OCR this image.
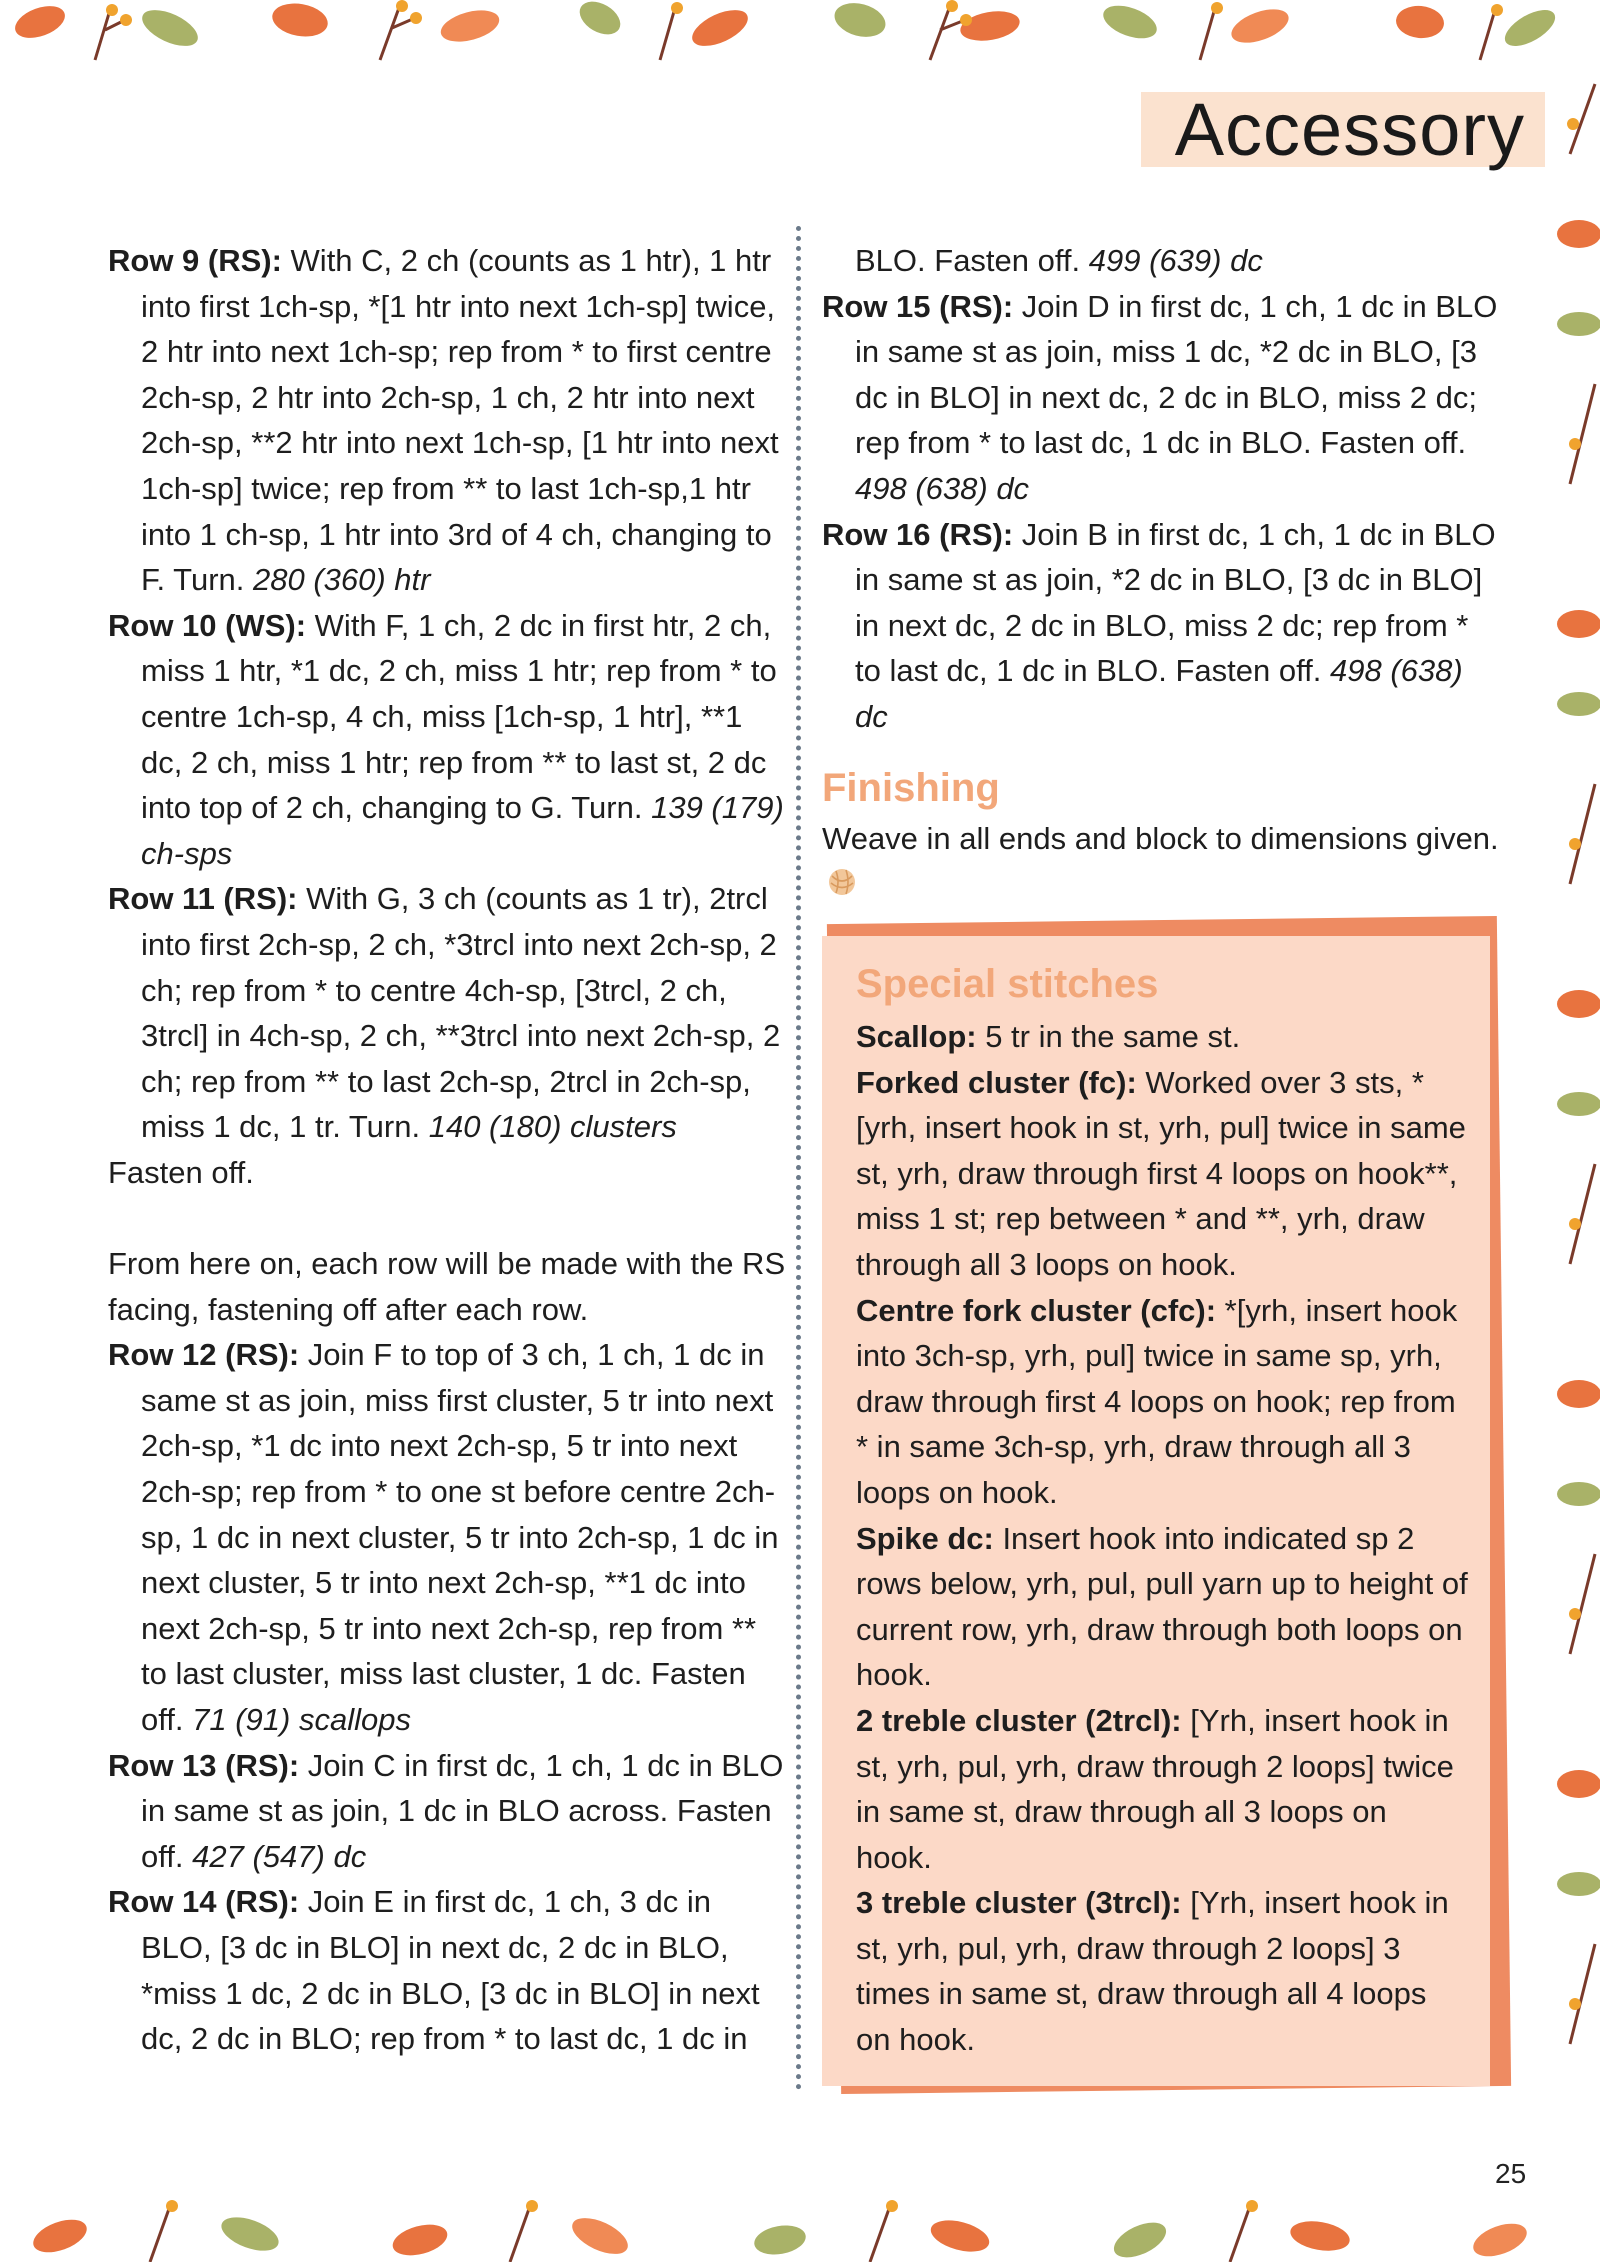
Accessory

Row 9 (RS): With C, 2 ch (counts as 1 htr), 1 htr into first 1ch-sp, *[1 htr into next 1ch-sp] twice, 2 htr into next 1ch-sp; rep from * to first centre 2ch-sp, 2 htr into 2ch-sp, 1 ch, 2 htr into next 2ch-sp, **2 htr into next 1ch-sp, [1 htr into next 1ch-sp] twice; rep from ** to last 1ch-sp,1 htr into 1 ch-sp, 1 htr into 3rd of 4 ch, changing to F. Turn. 280 (360) htr

Row 10 (WS): With F, 1 ch, 2 dc in first htr, 2 ch, miss 1 htr, *1 dc, 2 ch, miss 1 htr; rep from * to centre 1ch-sp, 4 ch, miss [1ch-sp, 1 htr], **1 dc, 2 ch, miss 1 htr; rep from ** to last st, 2 dc into top of 2 ch, changing to G. Turn. 139 (179) ch-sps

Row 11 (RS): With G, 3 ch (counts as 1 tr), 2trcl into first 2ch-sp, 2 ch, *3trcl into next 2ch-sp, 2 ch; rep from * to centre 4ch-sp, [3trcl, 2 ch, 3trcl] in 4ch-sp, 2 ch, **3trcl into next 2ch-sp, 2 ch; rep from ** to last 2ch-sp, 2trcl in 2ch-sp, miss 1 dc, 1 tr. Turn. 140 (180) clusters

Fasten off.

From here on, each row will be made with the RS facing, fastening off after each row.

Row 12 (RS): Join F to top of 3 ch, 1 ch, 1 dc in same st as join, miss first cluster, 5 tr into next 2ch-sp, *1 dc into next 2ch-sp, 5 tr into next 2ch-sp; rep from * to one st before centre 2ch-sp, 1 dc in next cluster, 5 tr into 2ch-sp, 1 dc in next cluster, 5 tr into next 2ch-sp, **1 dc into next 2ch-sp, 5 tr into next 2ch-sp, rep from ** to last cluster, miss last cluster, 1 dc. Fasten off. 71 (91) scallops

Row 13 (RS): Join C in first dc, 1 ch, 1 dc in BLO in same st as join, 1 dc in BLO across. Fasten off. 427 (547) dc

Row 14 (RS): Join E in first dc, 1 ch, 3 dc in BLO, [3 dc in BLO] in next dc, 2 dc in BLO, *miss 1 dc, 2 dc in BLO, [3 dc in BLO] in next dc, 2 dc in BLO; rep from * to last dc, 1 dc in

BLO. Fasten off. 499 (639) dc

Row 15 (RS): Join D in first dc, 1 ch, 1 dc in BLO in same st as join, miss 1 dc, *2 dc in BLO, [3 dc in BLO] in next dc, 2 dc in BLO, miss 2 dc; rep from * to last dc, 1 dc in BLO. Fasten off. 498 (638) dc

Row 16 (RS): Join B in first dc, 1 ch, 1 dc in BLO in same st as join, *2 dc in BLO, [3 dc in BLO] in next dc, 2 dc in BLO, miss 2 dc; rep from * to last dc, 1 dc in BLO. Fasten off. 498 (638) dc

Finishing

Weave in all ends and block to dimensions given.

Special stitches

Scallop: 5 tr in the same st.

Forked cluster (fc): Worked over 3 sts, *[yrh, insert hook in st, yrh, pul] twice in same st, yrh, draw through first 4 loops on hook**, miss 1 st; rep between * and **, yrh, draw through all 3 loops on hook.

Centre fork cluster (cfc): *[yrh, insert hook into 3ch-sp, yrh, pul] twice in same sp, yrh, draw through first 4 loops on hook; rep from * in same 3ch-sp, yrh, draw through all 3 loops on hook.

Spike dc: Insert hook into indicated sp 2 rows below, yrh, pul, pull yarn up to height of current row, yrh, draw through both loops on hook.

2 treble cluster (2trcl): [Yrh, insert hook in st, yrh, pul, yrh, draw through 2 loops] twice in same st, draw through all 3 loops on hook.

3 treble cluster (3trcl): [Yrh, insert hook in st, yrh, pul, yrh, draw through 2 loops] 3 times in same st, draw through all 4 loops on hook.

25
